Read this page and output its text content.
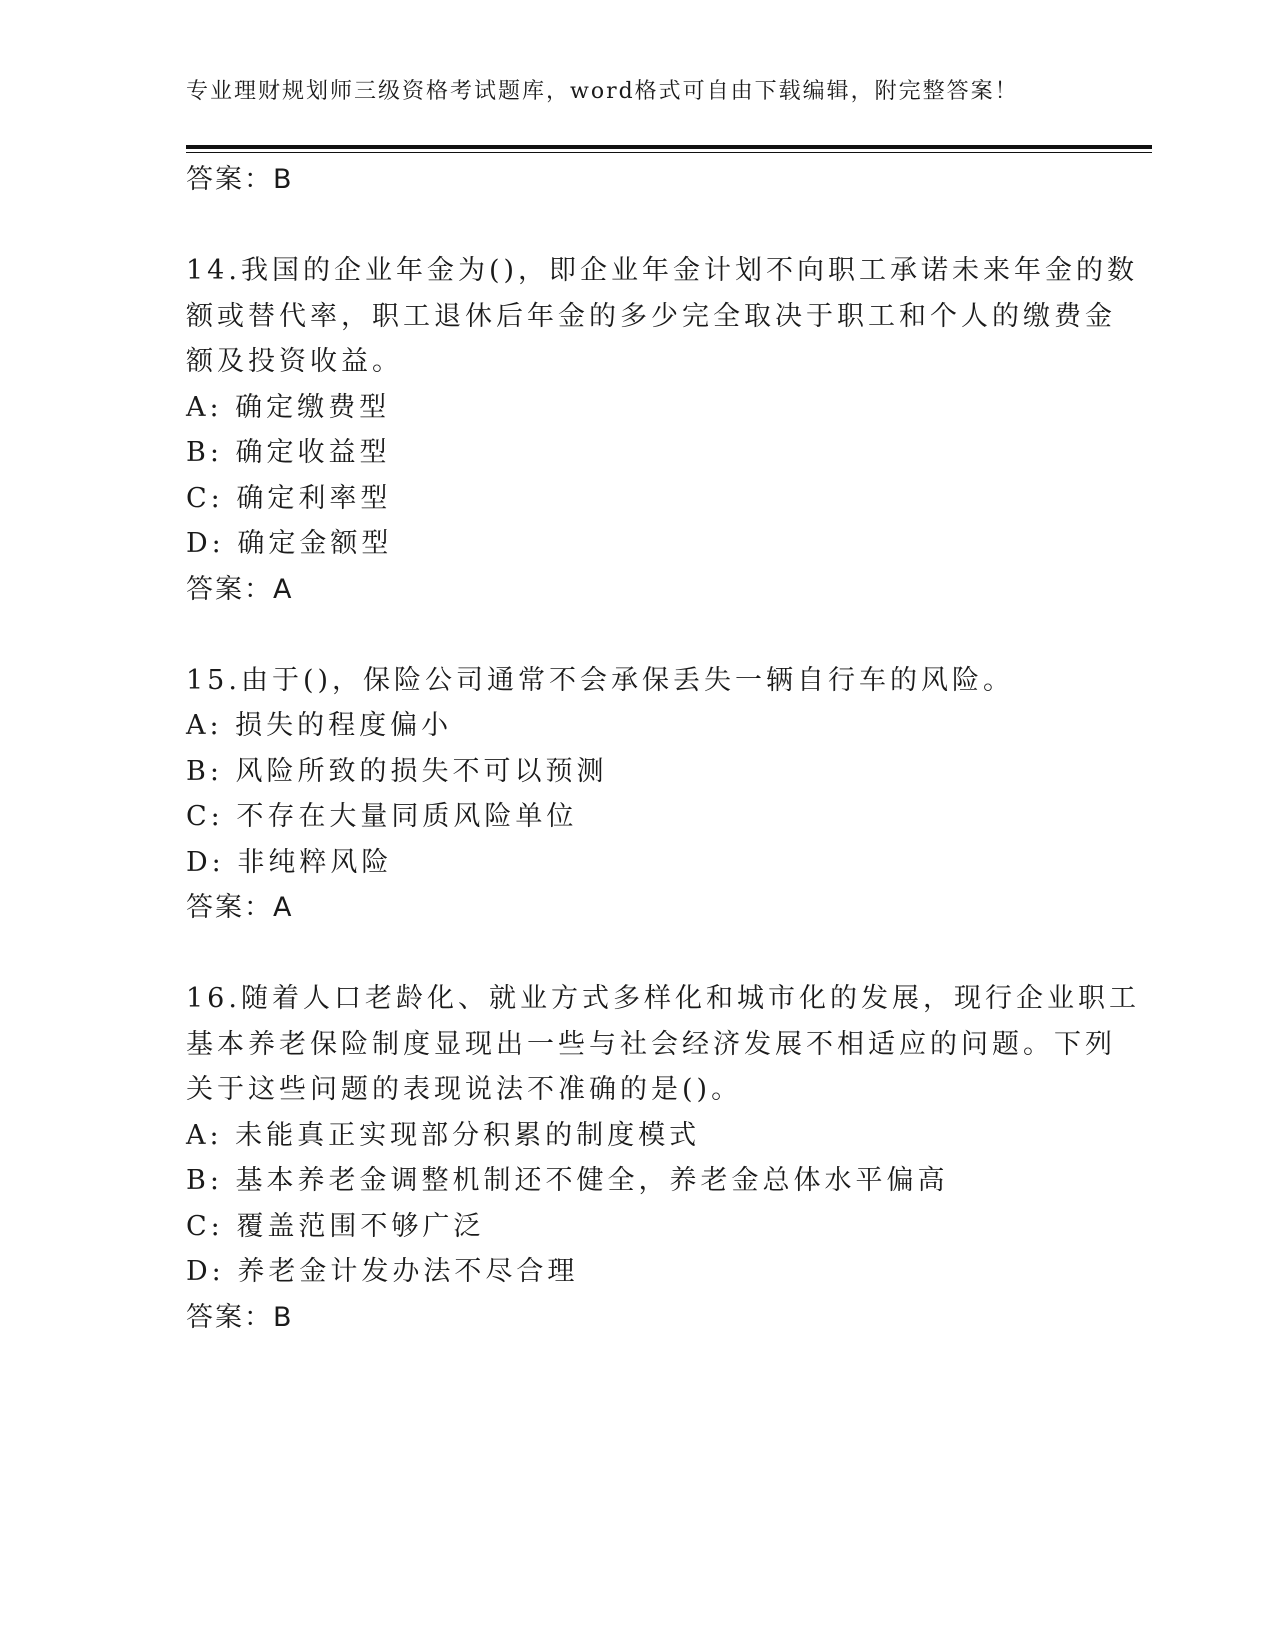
专业理财规划师三级资格考试题库，word格式可自由下载编辑，附完整答案！
答案：B
14.我国的企业年金为()，即企业年金计划不向职工承诺未来年金的数
额或替代率，职工退休后年金的多少完全取决于职工和个人的缴费金
额及投资收益。
A: 确定缴费型
B: 确定收益型
C: 确定利率型
D: 确定金额型
答案：A
15.由于()，保险公司通常不会承保丢失一辆自行车的风险。
A: 损失的程度偏小
B: 风险所致的损失不可以预测
C: 不存在大量同质风险单位
D: 非纯粹风险
答案：A
16.随着人口老龄化、就业方式多样化和城市化的发展，现行企业职工
基本养老保险制度显现出一些与社会经济发展不相适应的问题。下列
关于这些问题的表现说法不准确的是()。
A: 未能真正实现部分积累的制度模式
B: 基本养老金调整机制还不健全，养老金总体水平偏高
C: 覆盖范围不够广泛
D: 养老金计发办法不尽合理
答案：B
